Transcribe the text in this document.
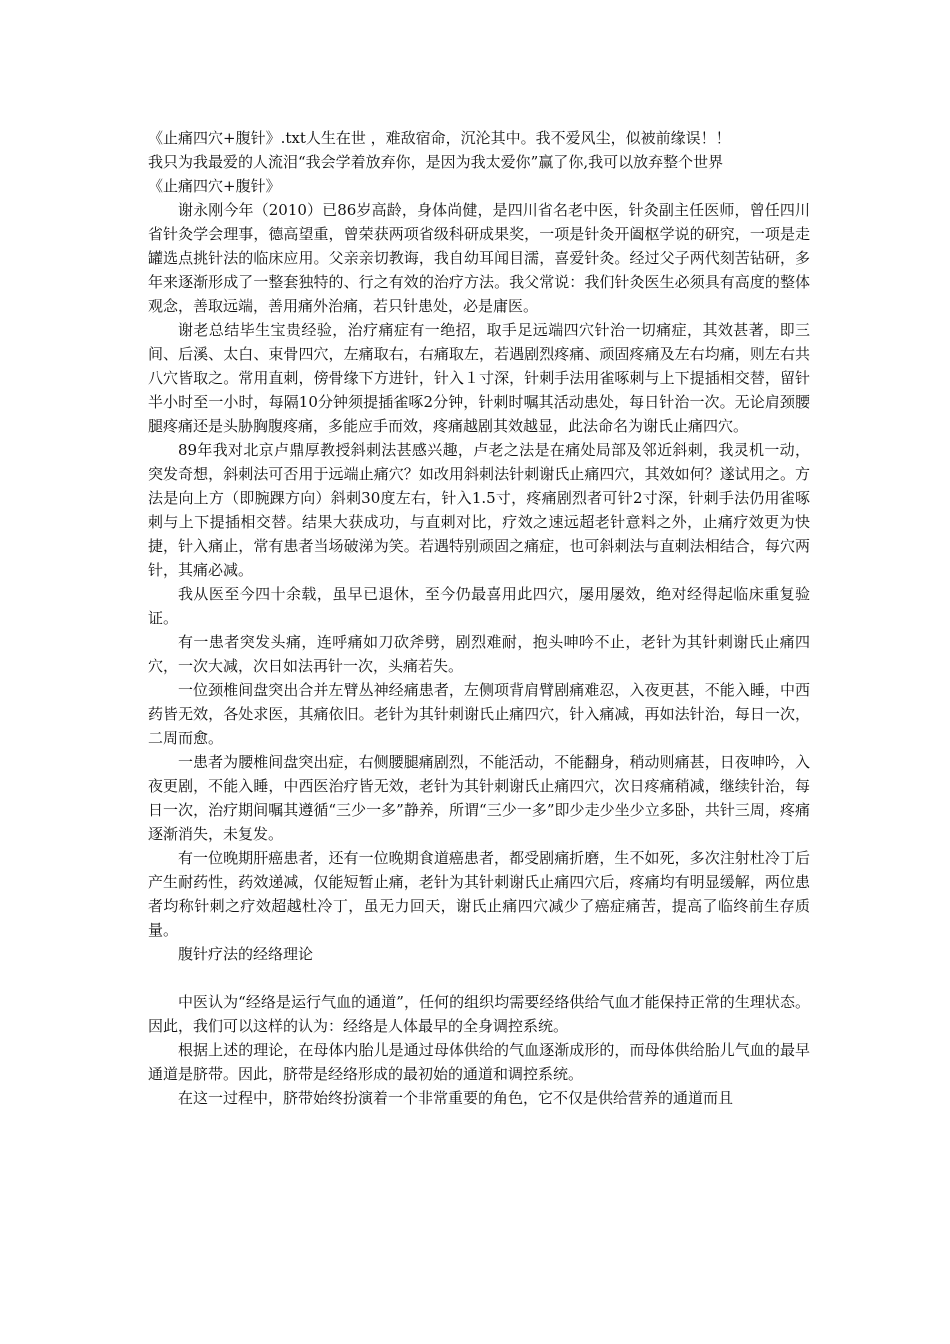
《止痛四穴+腹针》.txt人生在世 ，难敌宿命，沉沦其中。我不爱风尘，似被前缘误！！

我只为我最爱的人流泪“我会学着放弃你，是因为我太爱你”赢了你,我可以放弃整个世界

《止痛四穴+腹针》

谢永刚今年（2010）已86岁高龄，身体尚健，是四川省名老中医，针灸副主任医师，曾任四川省针灸学会理事，德高望重，曾荣获两项省级科研成果奖，一项是针灸开阖枢学说的研究，一项是走罐选点挑针法的临床应用。父亲亲切教诲，我自幼耳闻目濡，喜爱针灸。经过父子两代刻苦钻研，多年来逐渐形成了一整套独特的、行之有效的治疗方法。我父常说：我们针灸医生必须具有高度的整体观念，善取远端，善用痛外治痛，若只针患处，必是庸医。

谢老总结毕生宝贵经验，治疗痛症有一绝招，取手足远端四穴针治一切痛症，其效甚著，即三间、后溪、太白、束骨四穴，左痛取右，右痛取左，若遇剧烈疼痛、顽固疼痛及左右均痛，则左右共八穴皆取之。常用直刺，傍骨缘下方进针，针入１寸深，针刺手法用雀啄刺与上下提插相交替，留针半小时至一小时，每隔10分钟须提插雀啄2分钟，针刺时嘱其活动患处，每日针治一次。无论肩颈腰腿疼痛还是头胁胸腹疼痛，多能应手而效，疼痛越剧其效越显，此法命名为谢氏止痛四穴。

89年我对北京卢鼎厚教授斜刺法甚感兴趣，卢老之法是在痛处局部及邻近斜刺，我灵机一动，突发奇想，斜刺法可否用于远端止痛穴？如改用斜刺法针刺谢氏止痛四穴，其效如何？遂试用之。方法是向上方（即腕踝方向）斜刺30度左右，针入1.5寸，疼痛剧烈者可针2寸深，针刺手法仍用雀啄刺与上下提插相交替。结果大获成功，与直刺对比，疗效之速远超老针意料之外，止痛疗效更为快捷，针入痛止，常有患者当场破涕为笑。若遇特别顽固之痛症，也可斜刺法与直刺法相结合，每穴两针，其痛必减。

我从医至今四十余载，虽早已退休，至今仍最喜用此四穴，屡用屡效，绝对经得起临床重复验证。

有一患者突发头痛，连呼痛如刀砍斧劈，剧烈难耐，抱头呻吟不止，老针为其针刺谢氏止痛四穴，一次大减，次日如法再针一次，头痛若失。

一位颈椎间盘突出合并左臂丛神经痛患者，左侧项背肩臂剧痛难忍，入夜更甚，不能入睡，中西药皆无效，各处求医，其痛依旧。老针为其针刺谢氏止痛四穴，针入痛减，再如法针治，每日一次，二周而愈。

一患者为腰椎间盘突出症，右侧腰腿痛剧烈，不能活动，不能翻身，稍动则痛甚，日夜呻吟，入夜更剧，不能入睡，中西医治疗皆无效，老针为其针刺谢氏止痛四穴，次日疼痛稍减，继续针治，每日一次，治疗期间嘱其遵循“三少一多”静养，所谓“三少一多”即少走少坐少立多卧，共针三周，疼痛逐渐消失，未复发。

有一位晚期肝癌患者，还有一位晚期食道癌患者，都受剧痛折磨，生不如死，多次注射杜冷丁后产生耐药性，药效递减，仅能短暂止痛，老针为其针刺谢氏止痛四穴后，疼痛均有明显缓解，两位患者均称针刺之疗效超越杜冷丁，虽无力回天，谢氏止痛四穴减少了癌症痛苦，提高了临终前生存质量。

腹针疗法的经络理论

中医认为“经络是运行气血的通道”，任何的组织均需要经络供给气血才能保持正常的生理状态。因此，我们可以这样的认为：经络是人体最早的全身调控系统。

根据上述的理论，在母体内胎儿是通过母体供给的气血逐渐成形的，而母体供给胎儿气血的最早通道是脐带。因此，脐带是经络形成的最初始的通道和调控系统。

在这一过程中，脐带始终扮演着一个非常重要的角色，它不仅是供给营养的通道而且
